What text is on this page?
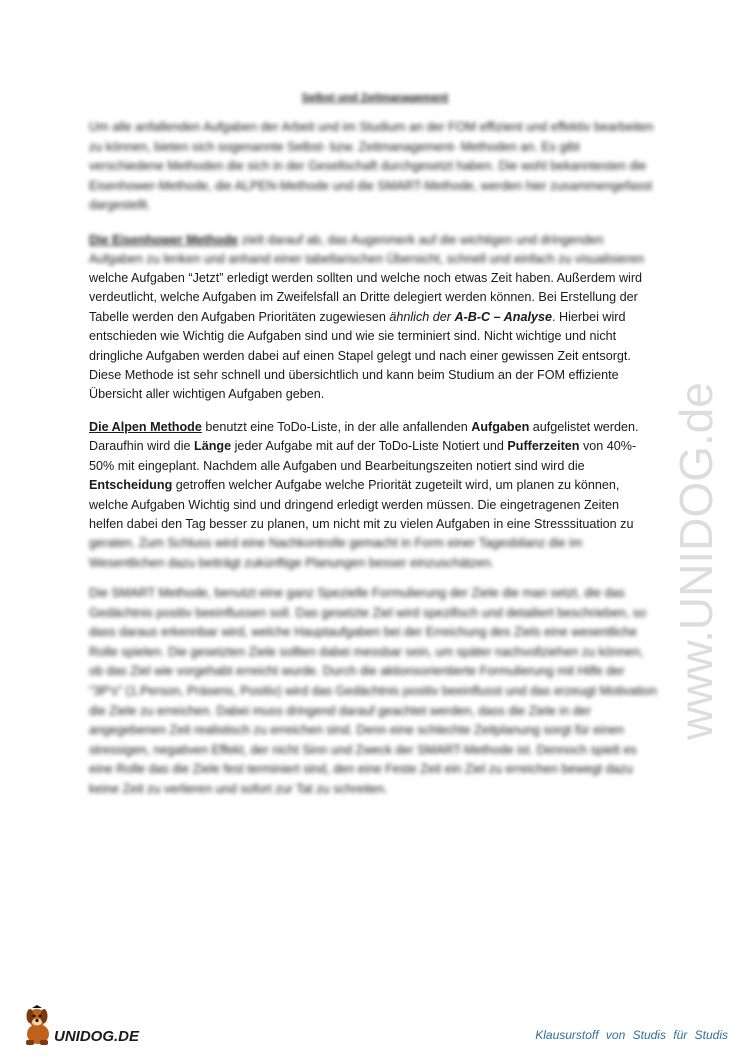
www.UNIDOG.de
Selbst und Zeitmanagement
Um alle anfallenden Aufgaben der Arbeit und im Studium an der FOM effizient und effektiv bearbeiten zu können, bieten sich sogenannte Selbst- bzw. Zeitmanagement- Methoden an. Es gibt verschiedene Methoden die sich in der Gesellschaft durchgesetzt haben. Die wohl bekanntesten die Eisenhower-Methode, die ALPEN-Methode und die SMART-Methode, werden hier zusammengefasst dargestellt.
Die Eisenhower Methode zielt darauf ab, das Augenmerk auf die wichtigen und dringenden Aufgaben zu lenken und anhand einer tabellarischen Übersicht, schnell und einfach zu visualisieren
welche Aufgaben “Jetzt” erledigt werden sollten und welche noch etwas Zeit haben. Außerdem wird
verdeutlicht, welche Aufgaben im Zweifelsfall an Dritte delegiert werden können. Bei Erstellung der
Tabelle werden den Aufgaben Prioritäten zugewiesen ähnlich der A-B-C – Analyse. Hierbei wird
entschieden wie Wichtig die Aufgaben sind und wie sie terminiert sind. Nicht wichtige und nicht
dringliche Aufgaben werden dabei auf einen Stapel gelegt und nach einer gewissen Zeit entsorgt.
Diese Methode ist sehr schnell und übersichtlich und kann beim Studium an der FOM effiziente
Übersicht aller wichtigen Aufgaben geben.
Die Alpen Methode benutzt eine ToDo-Liste, in der alle anfallenden Aufgaben aufgelistet werden.
Daraufhin wird die Länge jeder Aufgabe mit auf der ToDo-Liste Notiert und Pufferzeiten von 40%-
50% mit eingeplant. Nachdem alle Aufgaben und Bearbeitungszeiten notiert sind wird die
Entscheidung getroffen welcher Aufgabe welche Priorität zugeteilt wird, um planen zu können,
welche Aufgaben Wichtig sind und dringend erledigt werden müssen. Die eingetragenen Zeiten
helfen dabei den Tag besser zu planen, um nicht mit zu vielen Aufgaben in eine Stresssituation zu
geraten. Zum Schluss wird eine Nachkontrolle gemacht in Form einer Tagesbilanz die im Wesentlichen dazu beiträgt zukünftige Planungen besser einzuschätzen.
Die SMART Methode, benutzt eine ganz Spezielle Formulierung der Ziele die man setzt, die das Gedächtnis positiv beeinflussen soll. Das gesetzte Ziel wird spezifisch und detailiert beschrieben, so dass daraus erkennbar wird, welche Hauptaufgaben bei der Erreichung des Ziels eine wesentliche Rolle spielen. Die gesetzten Ziele sollten dabei messbar sein, um später nachvollziehen zu können, ob das Ziel wie vorgehabt erreicht wurde. Durch die aktionsorientierte Formulierung mit Hilfe der "3P's" (1.Person, Präsens, Positiv) wird das Gedächtnis positiv beeinflusst und das erzeugt Motivation die Ziele zu erreichen. Dabei muss dringend darauf geachtet werden, dass die Ziele in der angegebenen Zeit realistisch zu erreichen sind. Denn eine schlechte Zeitplanung sorgt für einen stressigen, negativen Effekt, der nicht Sinn und Zweck der SMART-Methode ist. Dennoch spielt es eine Rolle das die Ziele fest terminiert sind, den eine Feste Zeit ein Ziel zu erreichen bewegt dazu keine Zeit zu verlieren und sofort zur Tat zu schreiten.
UNIDOG.DE	Klausurstoff von Studis für Studis
